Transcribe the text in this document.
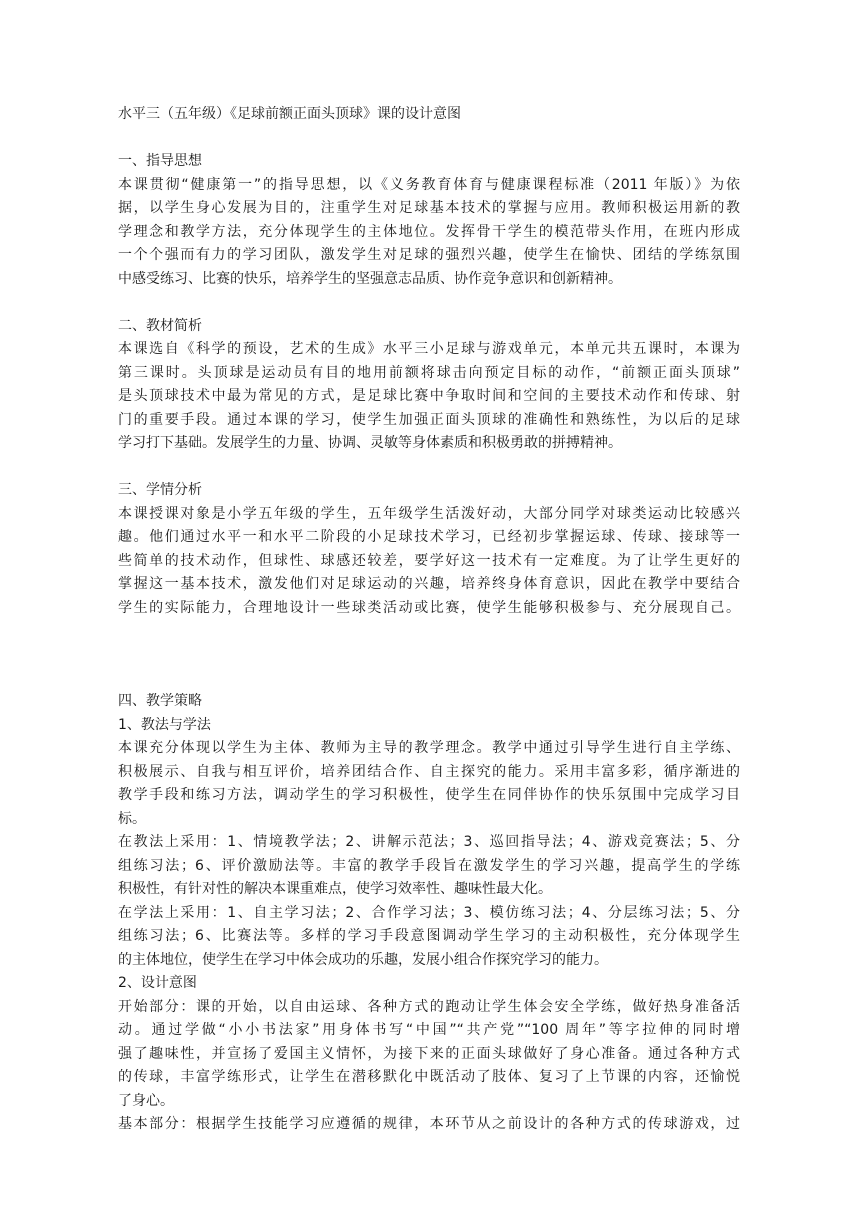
水平三（五年级）《足球前额正面头顶球》课的设计意图
一、指导思想
本课贯彻“健康第一”的指导思想，以《义务教育体育与健康课程标准（2011 年版）》为依
据，以学生身心发展为目的，注重学生对足球基本技术的掌握与应用。教师积极运用新的教
学理念和教学方法，充分体现学生的主体地位。发挥骨干学生的模范带头作用，在班内形成
一个个强而有力的学习团队，激发学生对足球的强烈兴趣，使学生在愉快、团结的学练氛围
中感受练习、比赛的快乐，培养学生的坚强意志品质、协作竞争意识和创新精神。
二、教材简析
本课选自《科学的预设，艺术的生成》水平三小足球与游戏单元，本单元共五课时，本课为
第三课时。头顶球是运动员有目的地用前额将球击向预定目标的动作，“前额正面头顶球”
是头顶球技术中最为常见的方式，是足球比赛中争取时间和空间的主要技术动作和传球、射
门的重要手段。通过本课的学习，使学生加强正面头顶球的准确性和熟练性，为以后的足球
学习打下基础。发展学生的力量、协调、灵敏等身体素质和积极勇敢的拼搏精神。
三、学情分析
本课授课对象是小学五年级的学生，五年级学生活泼好动，大部分同学对球类运动比较感兴
趣。他们通过水平一和水平二阶段的小足球技术学习，已经初步掌握运球、传球、接球等一
些简单的技术动作，但球性、球感还较差，要学好这一技术有一定难度。为了让学生更好的
掌握这一基本技术，激发他们对足球运动的兴趣，培养终身体育意识，因此在教学中要结合
学生的实际能力，合理地设计一些球类活动或比赛，使学生能够积极参与、充分展现自己。
四、教学策略
1、教法与学法
本课充分体现以学生为主体、教师为主导的教学理念。教学中通过引导学生进行自主学练、
积极展示、自我与相互评价，培养团结合作、自主探究的能力。采用丰富多彩，循序渐进的
教学手段和练习方法，调动学生的学习积极性，使学生在同伴协作的快乐氛围中完成学习目
标。
在教法上采用：1、情境教学法；2、讲解示范法；3、巡回指导法；4、游戏竞赛法；5、分
组练习法；6、评价激励法等。丰富的教学手段旨在激发学生的学习兴趣，提高学生的学练
积极性，有针对性的解决本课重难点，使学习效率性、趣味性最大化。
在学法上采用：1、自主学习法；2、合作学习法；3、模仿练习法；4、分层练习法；5、分
组练习法；6、比赛法等。多样的学习手段意图调动学生学习的主动积极性，充分体现学生
的主体地位，使学生在学习中体会成功的乐趣，发展小组合作探究学习的能力。
2、设计意图
开始部分：课的开始，以自由运球、各种方式的跑动让学生体会安全学练，做好热身准备活
动。通过学做“小小书法家”用身体书写“中国”“共产党”“100 周年”等字拉伸的同时增
强了趣味性，并宣扬了爱国主义情怀，为接下来的正面头球做好了身心准备。通过各种方式
的传球，丰富学练形式，让学生在潜移默化中既活动了肢体、复习了上节课的内容，还愉悦
了身心。
基本部分：根据学生技能学习应遵循的规律，本环节从之前设计的各种方式的传球游戏，过
